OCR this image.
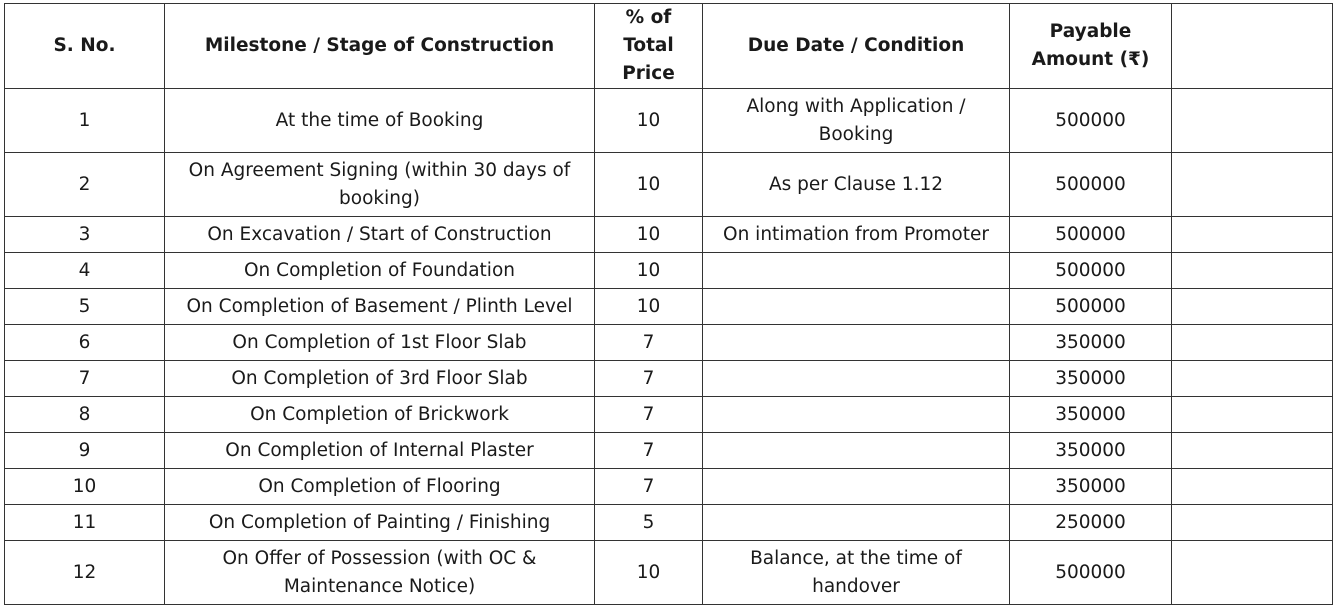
S. No.	Milestone / Stage of Construction	% of Total Price	Due Date / Condition	Payable Amount (₹)	
1	At the time of Booking	10	Along with Application / Booking	500000	
2	On Agreement Signing (within 30 days of booking)	10	As per Clause 1.12	500000	
3	On Excavation / Start of Construction	10	On intimation from Promoter	500000	
4	On Completion of Foundation	10		500000	
5	On Completion of Basement / Plinth Level	10		500000	
6	On Completion of 1st Floor Slab	7		350000	
7	On Completion of 3rd Floor Slab	7		350000	
8	On Completion of Brickwork	7		350000	
9	On Completion of Internal Plaster	7		350000	
10	On Completion of Flooring	7		350000	
11	On Completion of Painting / Finishing	5		250000	
12	On Offer of Possession (with OC & Maintenance Notice)	10	Balance, at the time of handover	500000	
